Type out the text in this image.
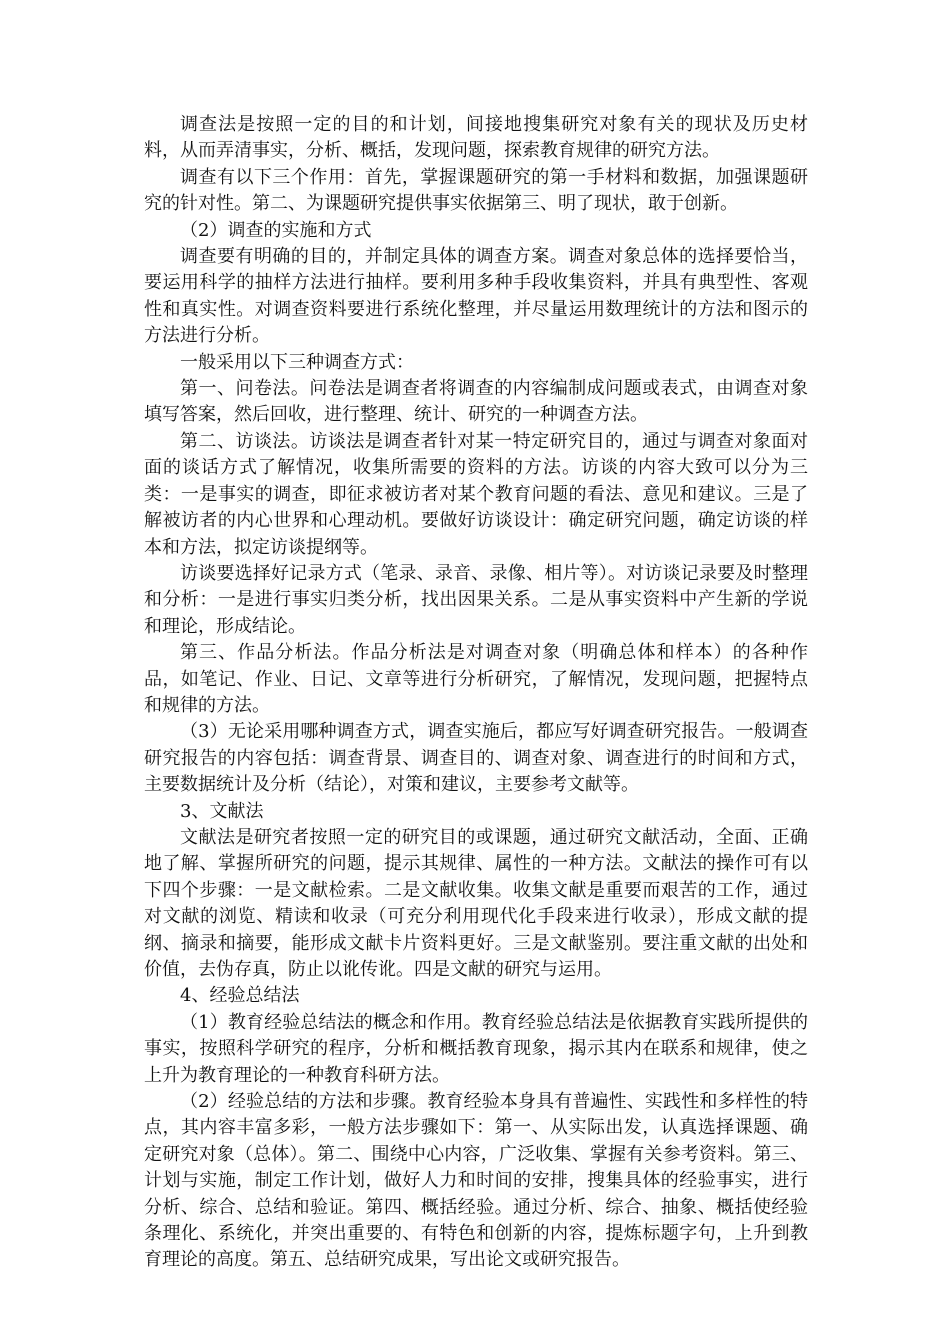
调查法是按照一定的目的和计划，间接地搜集研究对象有关的现状及历史材料，从而弄清事实，分析、概括，发现问题，探索教育规律的研究方法。

调查有以下三个作用：首先，掌握课题研究的第一手材料和数据，加强课题研究的针对性。第二、为课题研究提供事实依据第三、明了现状，敢于创新。

（2）调查的实施和方式

调查要有明确的目的，并制定具体的调查方案。调查对象总体的选择要恰当，要运用科学的抽样方法进行抽样。要利用多种手段收集资料，并具有典型性、客观性和真实性。对调查资料要进行系统化整理，并尽量运用数理统计的方法和图示的方法进行分析。

一般采用以下三种调查方式：

第一、问卷法。问卷法是调查者将调查的内容编制成问题或表式，由调查对象填写答案，然后回收，进行整理、统计、研究的一种调查方法。

第二、访谈法。访谈法是调查者针对某一特定研究目的，通过与调查对象面对面的谈话方式了解情况，收集所需要的资料的方法。访谈的内容大致可以分为三类：一是事实的调查，即征求被访者对某个教育问题的看法、意见和建议。三是了解被访者的内心世界和心理动机。要做好访谈设计：确定研究问题，确定访谈的样本和方法，拟定访谈提纲等。

访谈要选择好记录方式（笔录、录音、录像、相片等）。对访谈记录要及时整理和分析：一是进行事实归类分析，找出因果关系。二是从事实资料中产生新的学说和理论，形成结论。

第三、作品分析法。作品分析法是对调查对象（明确总体和样本）的各种作品，如笔记、作业、日记、文章等进行分析研究，了解情况，发现问题，把握特点和规律的方法。

（3）无论采用哪种调查方式，调查实施后，都应写好调查研究报告。一般调查研究报告的内容包括：调查背景、调查目的、调查对象、调查进行的时间和方式，主要数据统计及分析（结论），对策和建议，主要参考文献等。

3、文献法

文献法是研究者按照一定的研究目的或课题，通过研究文献活动，全面、正确地了解、掌握所研究的问题，提示其规律、属性的一种方法。文献法的操作可有以下四个步骤：一是文献检索。二是文献收集。收集文献是重要而艰苦的工作，通过对文献的浏览、精读和收录（可充分利用现代化手段来进行收录），形成文献的提纲、摘录和摘要，能形成文献卡片资料更好。三是文献鉴别。要注重文献的出处和价值，去伪存真，防止以讹传讹。四是文献的研究与运用。

4、经验总结法

（1）教育经验总结法的概念和作用。教育经验总结法是依据教育实践所提供的事实，按照科学研究的程序，分析和概括教育现象，揭示其内在联系和规律，使之上升为教育理论的一种教育科研方法。

（2）经验总结的方法和步骤。教育经验本身具有普遍性、实践性和多样性的特点，其内容丰富多彩，一般方法步骤如下：第一、从实际出发，认真选择课题、确定研究对象（总体）。第二、围绕中心内容，广泛收集、掌握有关参考资料。第三、计划与实施，制定工作计划，做好人力和时间的安排，搜集具体的经验事实，进行分析、综合、总结和验证。第四、概括经验。通过分析、综合、抽象、概括使经验条理化、系统化，并突出重要的、有特色和创新的内容，提炼标题字句，上升到教育理论的高度。第五、总结研究成果，写出论文或研究报告。
